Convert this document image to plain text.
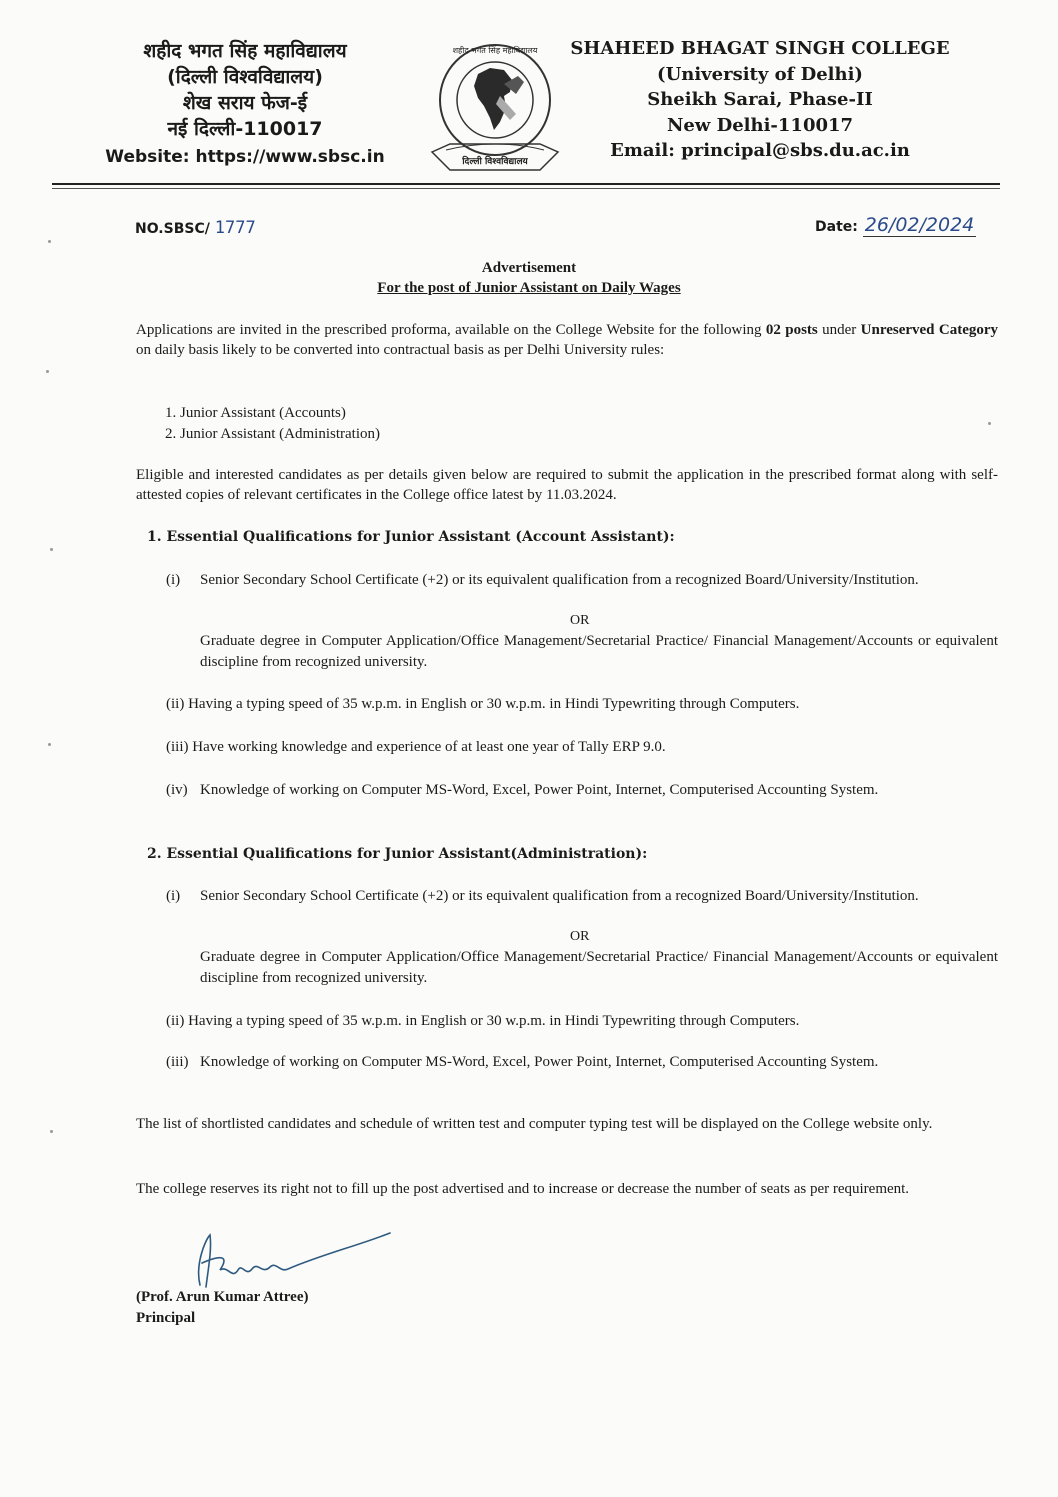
शहीद भगत सिंह महाविद्यालय
(दिल्ली विश्वविद्यालय)
शेख सराय फेज-ई
नई दिल्ली-110017
Website: https://www.sbsc.in
शहीद भगत सिंह महाविद्यालय
दिल्ली विश्वविद्यालय
SHAHEED BHAGAT SINGH COLLEGE
(University of Delhi)
Sheikh Sarai, Phase-II
New Delhi-110017
Email: principal@sbs.du.ac.in
NO.SBSC/ 1777	Date: 26/02/2024
Advertisement
For the post of Junior Assistant on Daily Wages
Applications are invited in the prescribed proforma, available on the College Website for the following 02 posts under Unreserved Category on daily basis likely to be converted into contractual basis as per Delhi University rules:
1. Junior Assistant (Accounts)
2. Junior Assistant (Administration)
Eligible and interested candidates as per details given below are required to submit the application in the prescribed format along with self-attested copies of relevant certificates in the College office latest by 11.03.2024.
1. Essential Qualifications for Junior Assistant (Account Assistant):
(i) Senior Secondary School Certificate (+2) or its equivalent qualification from a recognized Board/University/Institution.
OR
Graduate degree in Computer Application/Office Management/Secretarial Practice/ Financial Management/Accounts or equivalent discipline from recognized university.
(ii) Having a typing speed of 35 w.p.m. in English or 30 w.p.m. in Hindi Typewriting through Computers.
(iii) Have working knowledge and experience of at least one year of Tally ERP 9.0.
(iv) Knowledge of working on Computer MS-Word, Excel, Power Point, Internet, Computerised Accounting System.
2. Essential Qualifications for Junior Assistant(Administration):
(i) Senior Secondary School Certificate (+2) or its equivalent qualification from a recognized Board/University/Institution.
OR
Graduate degree in Computer Application/Office Management/Secretarial Practice/ Financial Management/Accounts or equivalent discipline from recognized university.
(ii) Having a typing speed of 35 w.p.m. in English or 30 w.p.m. in Hindi Typewriting through Computers.
(iii) Knowledge of working on Computer MS-Word, Excel, Power Point, Internet, Computerised Accounting System.
The list of shortlisted candidates and schedule of written test and computer typing test will be displayed on the College website only.
The college reserves its right not to fill up the post advertised and to increase or decrease the number of seats as per requirement.
(Prof. Arun Kumar Attree)
Principal
